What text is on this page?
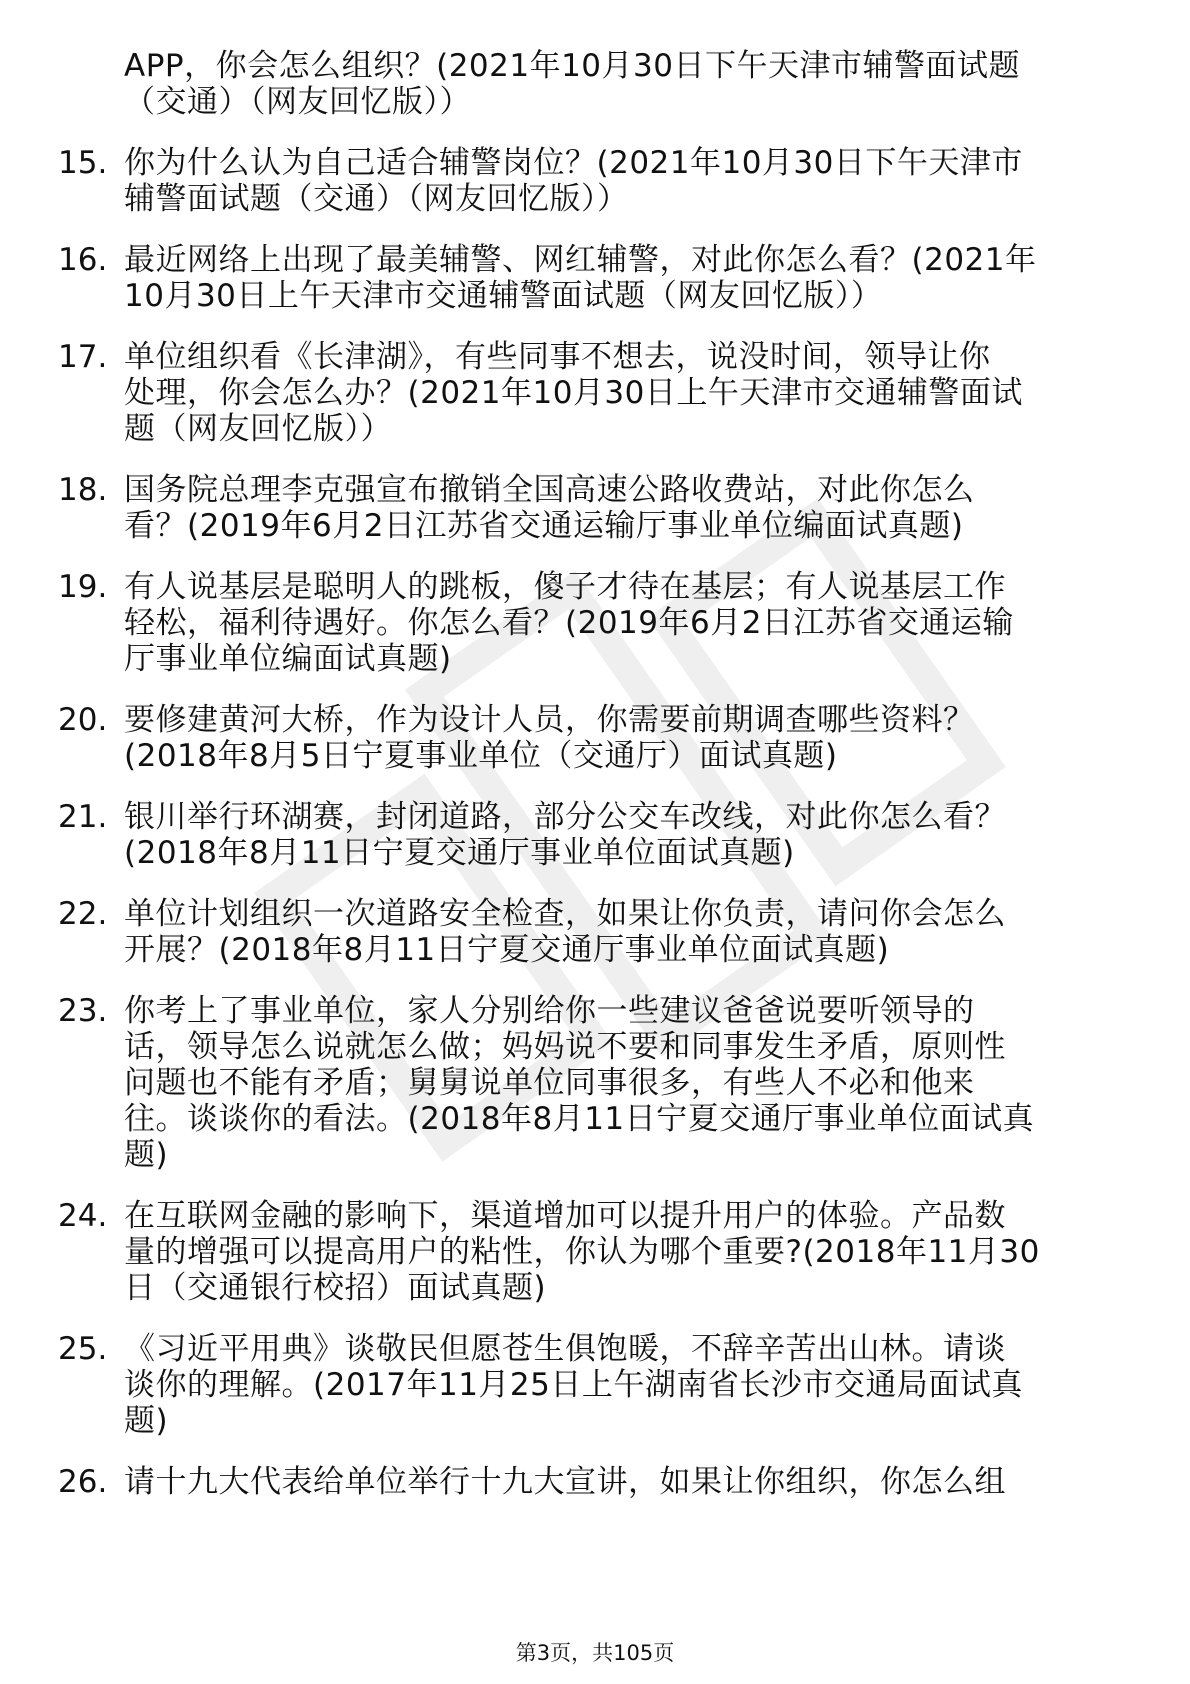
APP，你会怎么组织？(2021年10月30日下午天津市辅警面试题
（交通）（网友回忆版））
15. 你为什么认为自己适合辅警岗位？(2021年10月30日下午天津市
辅警面试题（交通）（网友回忆版））
16. 最近网络上出现了最美辅警、网红辅警，对此你怎么看？(2021年
10月30日上午天津市交通辅警面试题（网友回忆版））
17. 单位组织看《长津湖》，有些同事不想去，说没时间，领导让你
处理，你会怎么办？(2021年10月30日上午天津市交通辅警面试
题（网友回忆版））
18. 国务院总理李克强宣布撤销全国高速公路收费站，对此你怎么
看？(2019年6月2日江苏省交通运输厅事业单位编面试真题)
19. 有人说基层是聪明人的跳板，傻子才待在基层；有人说基层工作
轻松，福利待遇好。你怎么看？(2019年6月2日江苏省交通运输
厅事业单位编面试真题)
20. 要修建黄河大桥，作为设计人员，你需要前期调查哪些资料？
(2018年8月5日宁夏事业单位（交通厅）面试真题)
21. 银川举行环湖赛，封闭道路，部分公交车改线，对此你怎么看？
(2018年8月11日宁夏交通厅事业单位面试真题)
22. 单位计划组织一次道路安全检查，如果让你负责，请问你会怎么
开展？(2018年8月11日宁夏交通厅事业单位面试真题)
23. 你考上了事业单位，家人分别给你一些建议爸爸说要听领导的
话，领导怎么说就怎么做；妈妈说不要和同事发生矛盾，原则性
问题也不能有矛盾；舅舅说单位同事很多，有些人不必和他来
往。谈谈你的看法。(2018年8月11日宁夏交通厅事业单位面试真
题)
24. 在互联网金融的影响下，渠道增加可以提升用户的体验。产品数
量的增强可以提高用户的粘性，你认为哪个重要?(2018年11月30
日（交通银行校招）面试真题)
25. 《习近平用典》谈敬民但愿苍生俱饱暖，不辞辛苦出山林。请谈
谈你的理解。(2017年11月25日上午湖南省长沙市交通局面试真
题)
26. 请十九大代表给单位举行十九大宣讲，如果让你组织，你怎么组
第3页，共105页
